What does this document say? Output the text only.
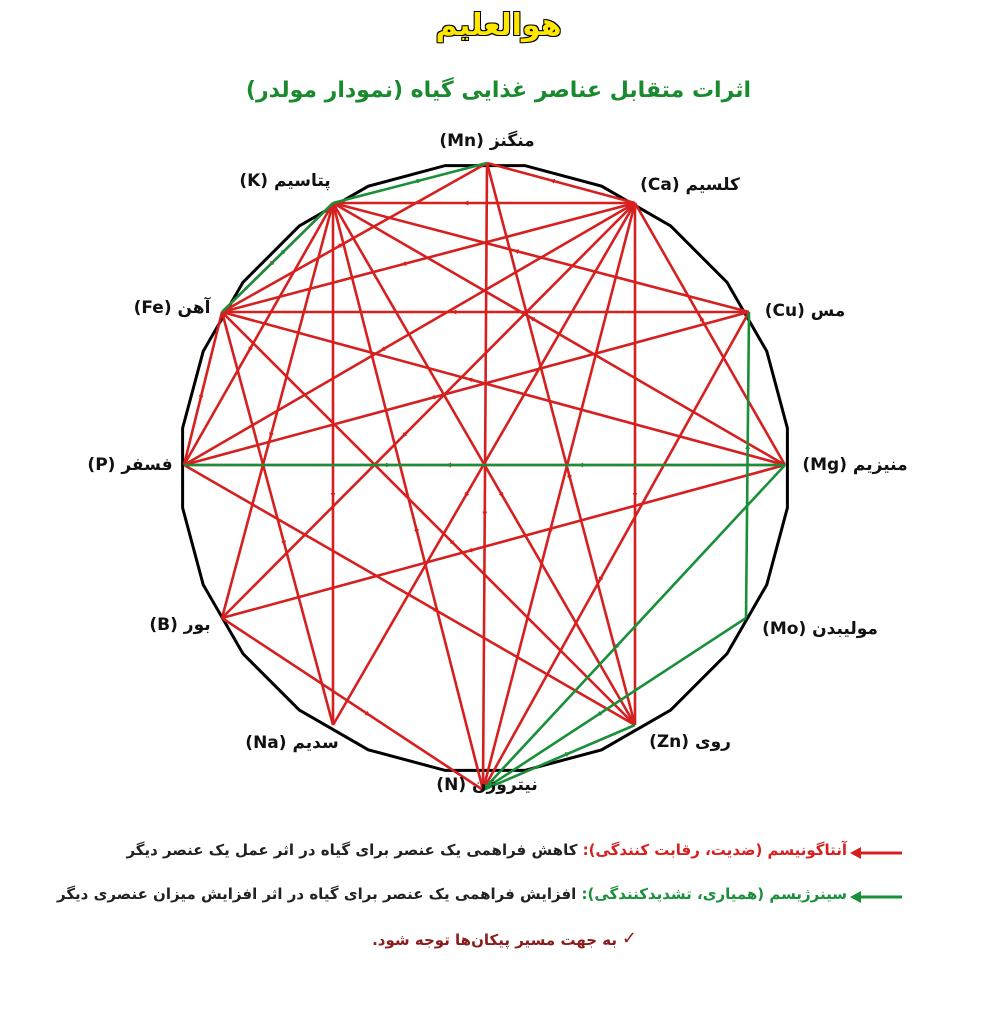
هوالعلیم
اثرات متقابل عناصر غذایی گیاه (نمودار مولدر)
منگنز (Mn)
کلسیم (Ca)
مس (Cu)
منیزیم (Mg)
مولیبدن (Mo)
روی (Zn)
نیتروژن (N)
سدیم (Na)
بور (B)
فسفر (P)
آهن (Fe)
پتاسیم (K)
آنتاگونیسم (ضدیت، رقابت کنندگی): کاهش فراهمی یک عنصر برای گیاه در اثر عمل یک عنصر دیگر
سینرژیسم (همیاری، تشدیدکنندگی): افزایش فراهمی یک عنصر برای گیاه در اثر افزایش میزان عنصری دیگر
✓
به جهت مسیر پیکان‌ها توجه شود.
